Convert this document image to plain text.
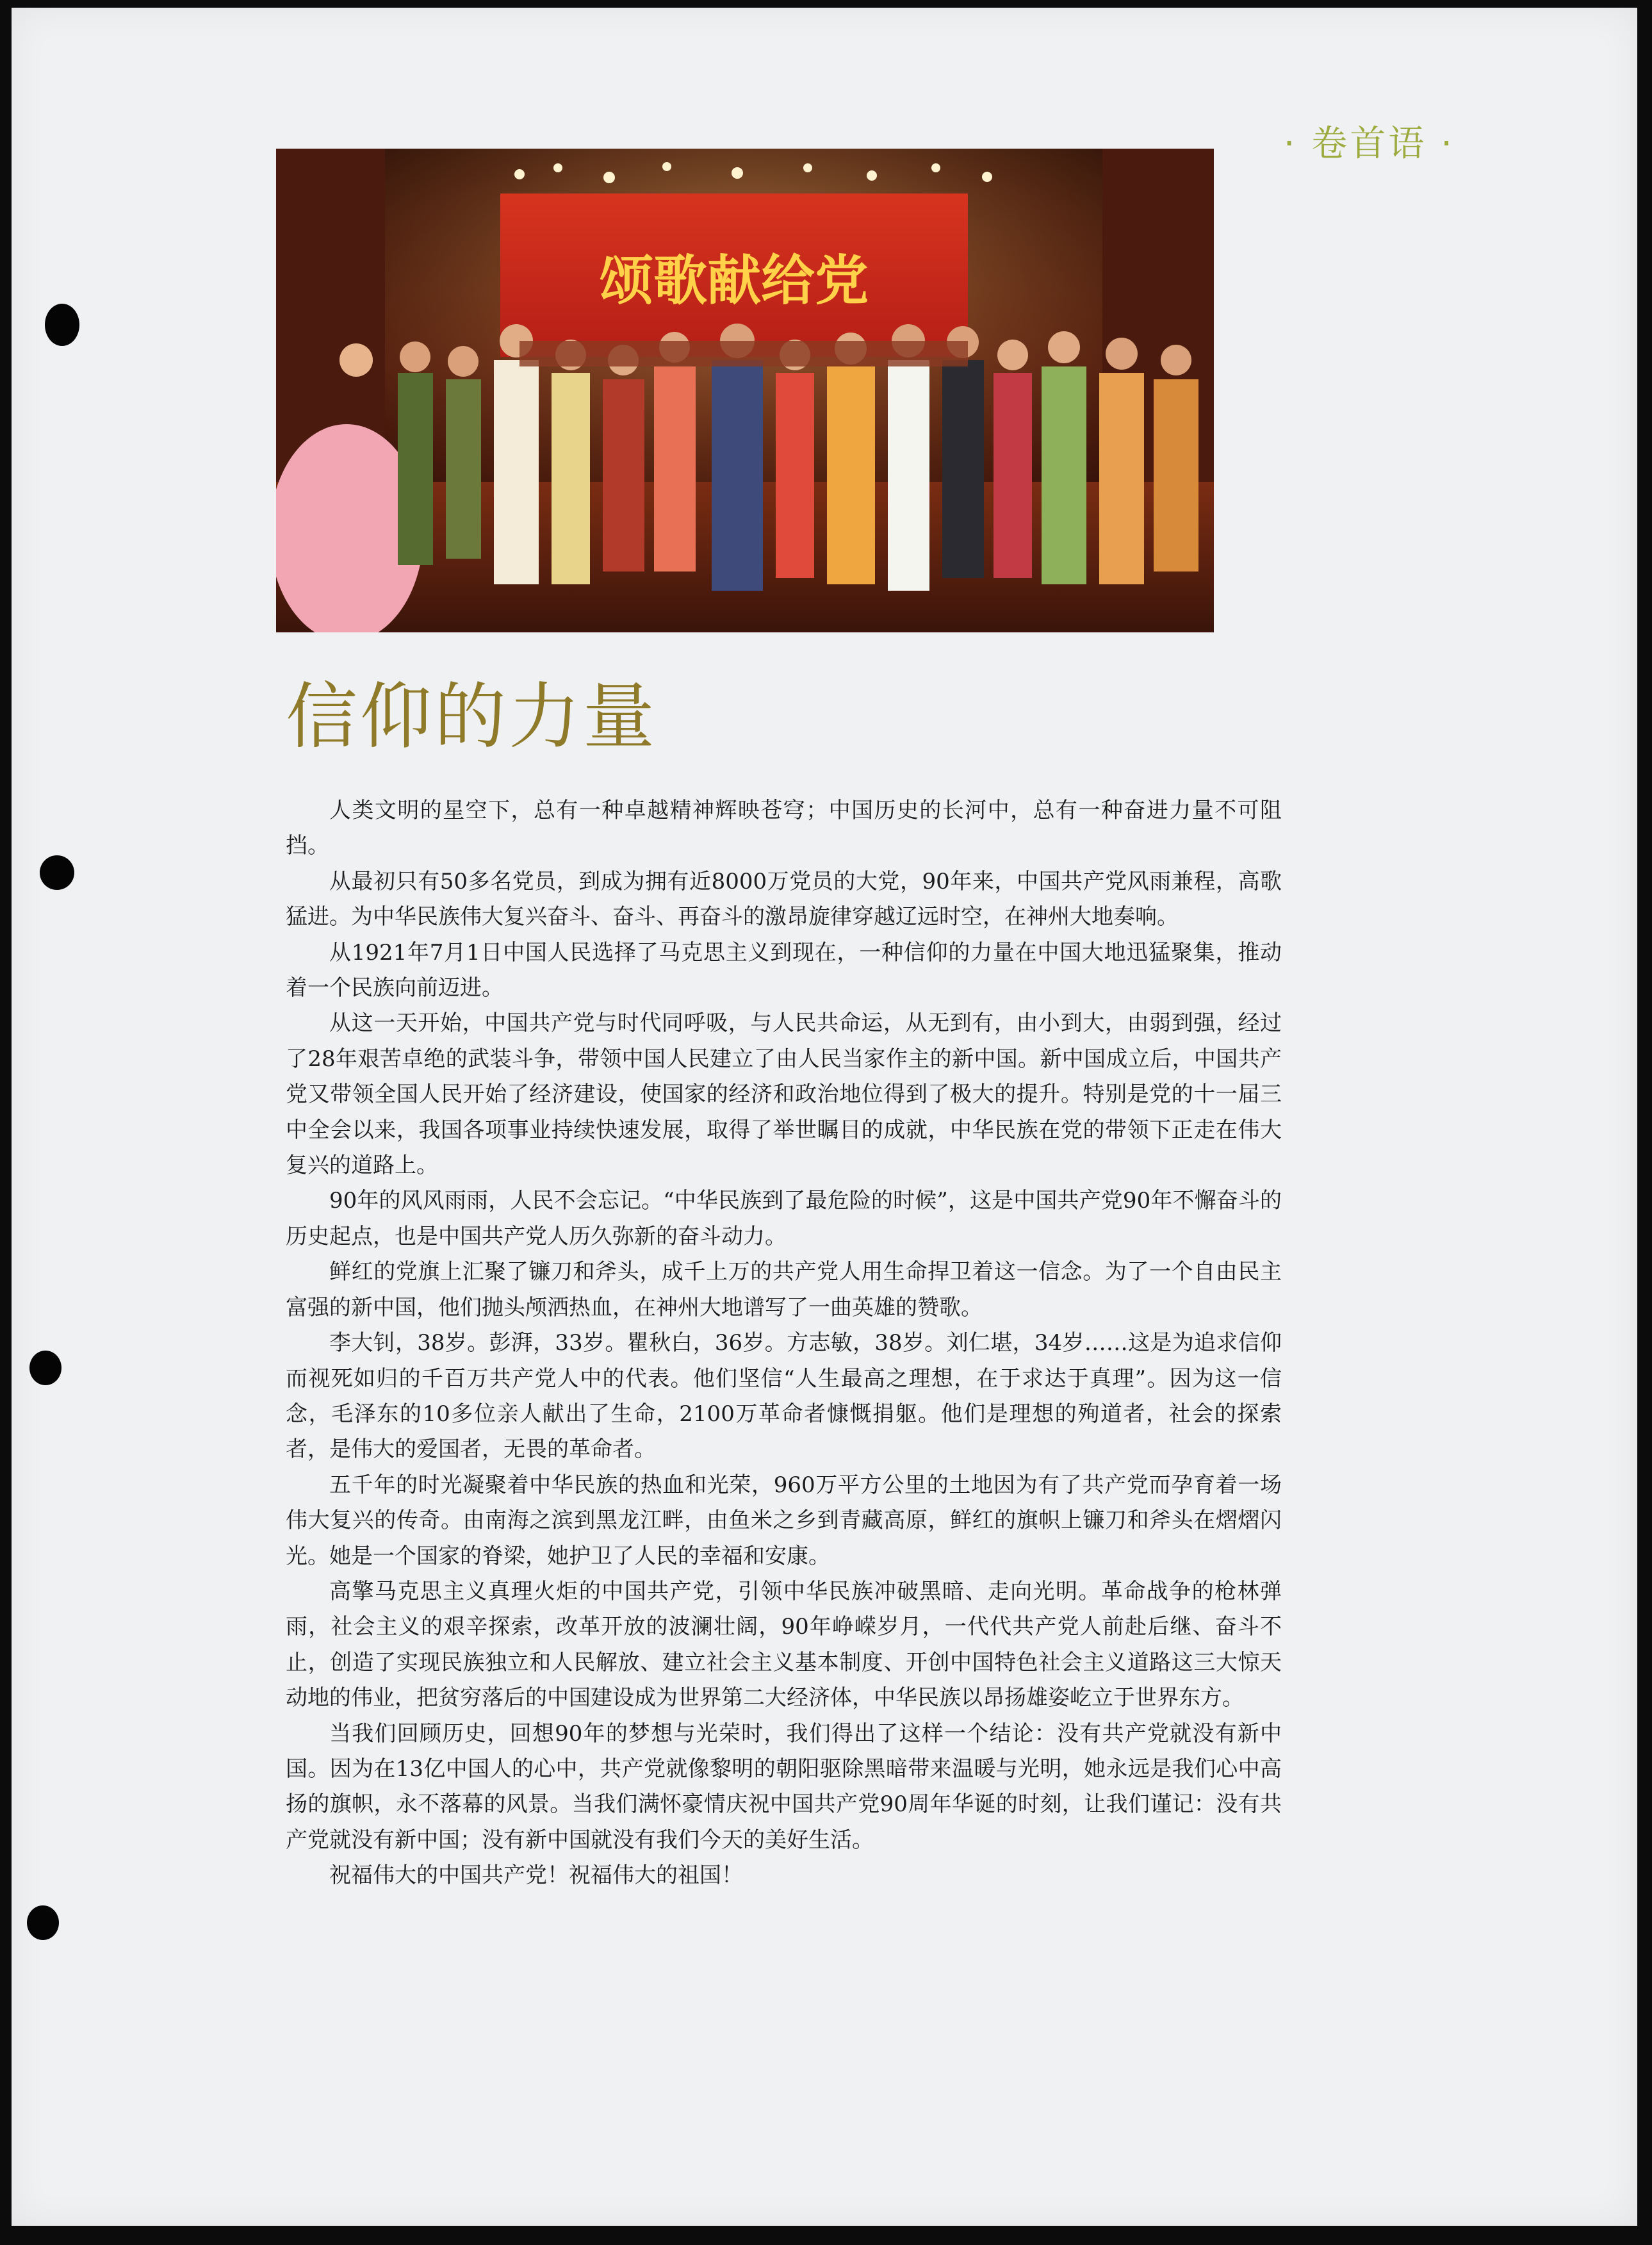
· 卷首语 ·
颂歌献给党
信仰的力量

人类文明的星空下，总有一种卓越精神辉映苍穹；中国历史的长河中，总有一种奋进力量不可阻挡。

从最初只有50多名党员，到成为拥有近8000万党员的大党，90年来，中国共产党风雨兼程，高歌猛进。为中华民族伟大复兴奋斗、奋斗、再奋斗的激昂旋律穿越辽远时空，在神州大地奏响。

从1921年7月1日中国人民选择了马克思主义到现在，一种信仰的力量在中国大地迅猛聚集，推动着一个民族向前迈进。

从这一天开始，中国共产党与时代同呼吸，与人民共命运，从无到有，由小到大，由弱到强，经过了28年艰苦卓绝的武装斗争，带领中国人民建立了由人民当家作主的新中国。新中国成立后，中国共产党又带领全国人民开始了经济建设，使国家的经济和政治地位得到了极大的提升。特别是党的十一届三中全会以来，我国各项事业持续快速发展，取得了举世瞩目的成就，中华民族在党的带领下正走在伟大复兴的道路上。

90年的风风雨雨，人民不会忘记。“中华民族到了最危险的时候”，这是中国共产党90年不懈奋斗的历史起点，也是中国共产党人历久弥新的奋斗动力。

鲜红的党旗上汇聚了镰刀和斧头，成千上万的共产党人用生命捍卫着这一信念。为了一个自由民主富强的新中国，他们抛头颅洒热血，在神州大地谱写了一曲英雄的赞歌。

李大钊，38岁。彭湃，33岁。瞿秋白，36岁。方志敏，38岁。刘仁堪，34岁……这是为追求信仰而视死如归的千百万共产党人中的代表。他们坚信“人生最高之理想，在于求达于真理”。因为这一信念，毛泽东的10多位亲人献出了生命，2100万革命者慷慨捐躯。他们是理想的殉道者，社会的探索者，是伟大的爱国者，无畏的革命者。

五千年的时光凝聚着中华民族的热血和光荣，960万平方公里的土地因为有了共产党而孕育着一场伟大复兴的传奇。由南海之滨到黑龙江畔，由鱼米之乡到青藏高原，鲜红的旗帜上镰刀和斧头在熠熠闪光。她是一个国家的脊梁，她护卫了人民的幸福和安康。

高擎马克思主义真理火炬的中国共产党，引领中华民族冲破黑暗、走向光明。革命战争的枪林弹雨，社会主义的艰辛探索，改革开放的波澜壮阔，90年峥嵘岁月，一代代共产党人前赴后继、奋斗不止，创造了实现民族独立和人民解放、建立社会主义基本制度、开创中国特色社会主义道路这三大惊天动地的伟业，把贫穷落后的中国建设成为世界第二大经济体，中华民族以昂扬雄姿屹立于世界东方。

当我们回顾历史，回想90年的梦想与光荣时，我们得出了这样一个结论：没有共产党就没有新中国。因为在13亿中国人的心中，共产党就像黎明的朝阳驱除黑暗带来温暖与光明，她永远是我们心中高扬的旗帜，永不落幕的风景。当我们满怀豪情庆祝中国共产党90周年华诞的时刻，让我们谨记：没有共产党就没有新中国；没有新中国就没有我们今天的美好生活。

祝福伟大的中国共产党！祝福伟大的祖国！
